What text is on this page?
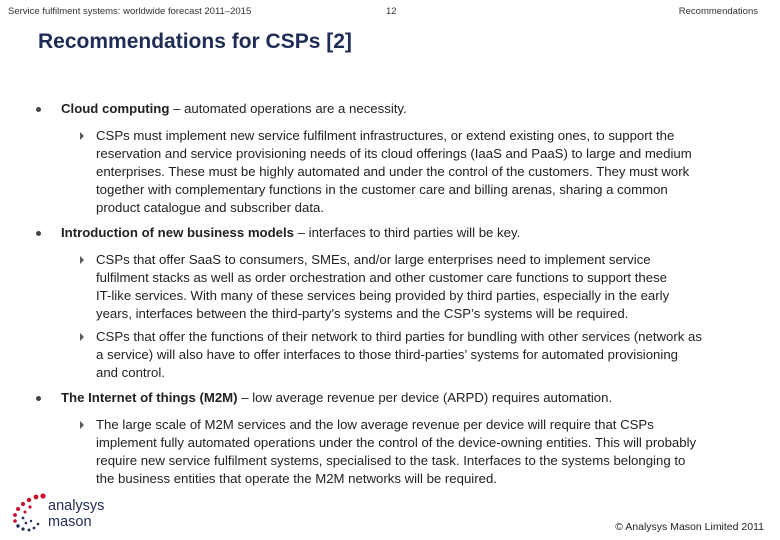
Service fulfilment systems: worldwide forecast 2011–2015	12	Recommendations
Recommendations for CSPs [2]
Cloud computing – automated operations are a necessity.
CSPs must implement new service fulfilment infrastructures, or extend existing ones, to support the
reservation and service provisioning needs of its cloud offerings (IaaS and PaaS) to large and medium
enterprises. These must be highly automated and under the control of the customers. They must work
together with complementary functions in the customer care and billing arenas, sharing a common
product catalogue and subscriber data.
Introduction of new business models – interfaces to third parties will be key.
CSPs that offer SaaS to consumers, SMEs, and/or large enterprises need to implement service
fulfilment stacks as well as order orchestration and other customer care functions to support these
IT-like services. With many of these services being provided by third parties, especially in the early
years, interfaces between the third-party’s systems and the CSP’s systems will be required.
CSPs that offer the functions of their network to third parties for bundling with other services (network as
a service) will also have to offer interfaces to those third-parties’ systems for automated provisioning
and control.
The Internet of things (M2M) – low average revenue per device (ARPD) requires automation.
The large scale of M2M services and the low average revenue per device will require that CSPs
implement fully automated operations under the control of the device-owning entities. This will probably
require new service fulfilment systems, specialised to the task. Interfaces to the systems belonging to
the business entities that operate the M2M networks will be required.
analysys
mason	© Analysys Mason Limited 2011
